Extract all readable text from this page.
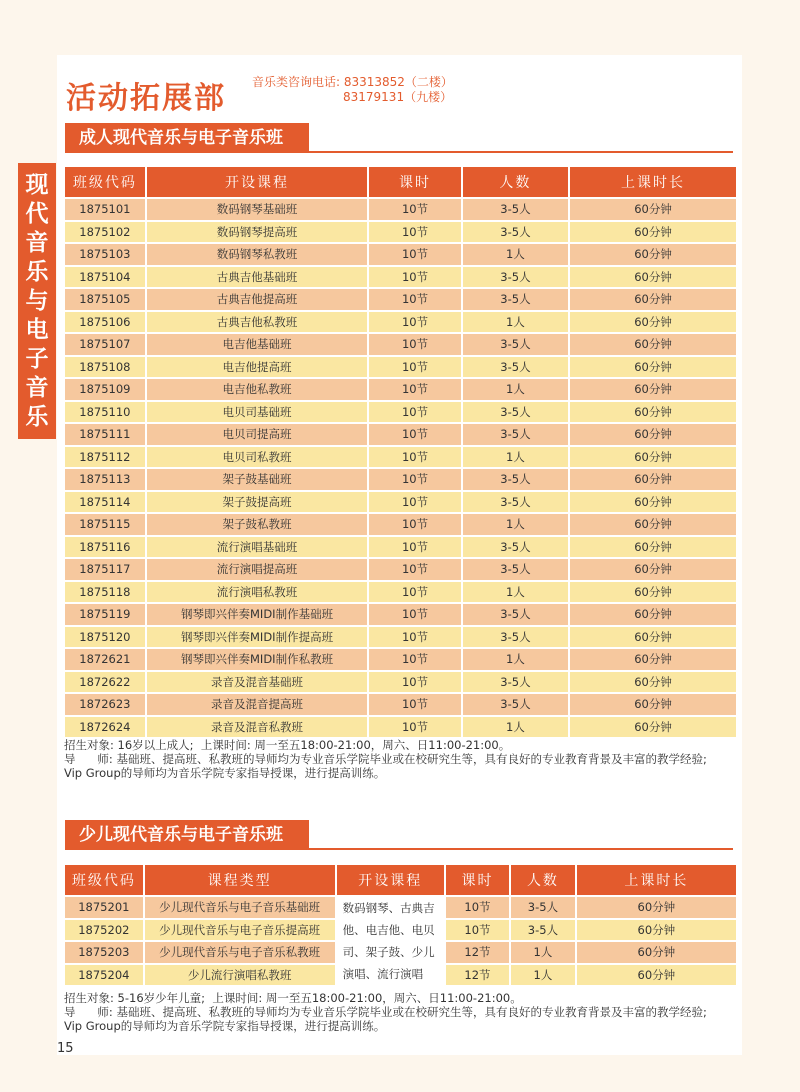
现
代
音
乐
与
电
子
音
乐
活动拓展部 音乐类咨询电话: 83313852（二楼）
83179131（九楼）
成人现代音乐与电子音乐班
班级代码	开设课程	课时	人数	上课时长
1875101	数码钢琴基础班	10节	3-5人	60分钟
1875102	数码钢琴提高班	10节	3-5人	60分钟
1875103	数码钢琴私教班	10节	1人	60分钟
1875104	古典吉他基础班	10节	3-5人	60分钟
1875105	古典吉他提高班	10节	3-5人	60分钟
1875106	古典吉他私教班	10节	1人	60分钟
1875107	电吉他基础班	10节	3-5人	60分钟
1875108	电吉他提高班	10节	3-5人	60分钟
1875109	电吉他私教班	10节	1人	60分钟
1875110	电贝司基础班	10节	3-5人	60分钟
1875111	电贝司提高班	10节	3-5人	60分钟
1875112	电贝司私教班	10节	1人	60分钟
1875113	架子鼓基础班	10节	3-5人	60分钟
1875114	架子鼓提高班	10节	3-5人	60分钟
1875115	架子鼓私教班	10节	1人	60分钟
1875116	流行演唱基础班	10节	3-5人	60分钟
1875117	流行演唱提高班	10节	3-5人	60分钟
1875118	流行演唱私教班	10节	1人	60分钟
1875119	钢琴即兴伴奏MIDI制作基础班	10节	3-5人	60分钟
1875120	钢琴即兴伴奏MIDI制作提高班	10节	3-5人	60分钟
1872621	钢琴即兴伴奏MIDI制作私教班	10节	1人	60分钟
1872622	录音及混音基础班	10节	3-5人	60分钟
1872623	录音及混音提高班	10节	3-5人	60分钟
1872624	录音及混音私教班	10节	1人	60分钟
招生对象: 16岁以上成人;  上课时间: 周一至五18:00-21:00，周六、日11:00-21:00。
导      师: 基础班、提高班、私教班的导师均为专业音乐学院毕业或在校研究生等，具有良好的专业教育背景及丰富的教学经验;
Vip Group的导师均为音乐学院专家指导授课，进行提高训练。
少儿现代音乐与电子音乐班
班级代码	课程类型	开设课程	课时	人数	上课时长
1875201	少儿现代音乐与电子音乐基础班	数码钢琴、古典吉他、电吉他、电贝司、架子鼓、少儿演唱、流行演唱	10节	3-5人	60分钟
1875202	少儿现代音乐与电子音乐提高班		10节	3-5人	60分钟
1875203	少儿现代音乐与电子音乐私教班		12节	1人	60分钟
1875204	少儿流行演唱私教班		12节	1人	60分钟
招生对象: 5-16岁少年儿童;  上课时间: 周一至五18:00-21:00，周六、日11:00-21:00。
导      师: 基础班、提高班、私教班的导师均为专业音乐学院毕业或在校研究生等，具有良好的专业教育背景及丰富的教学经验;
Vip Group的导师均为音乐学院专家指导授课，进行提高训练。
15
